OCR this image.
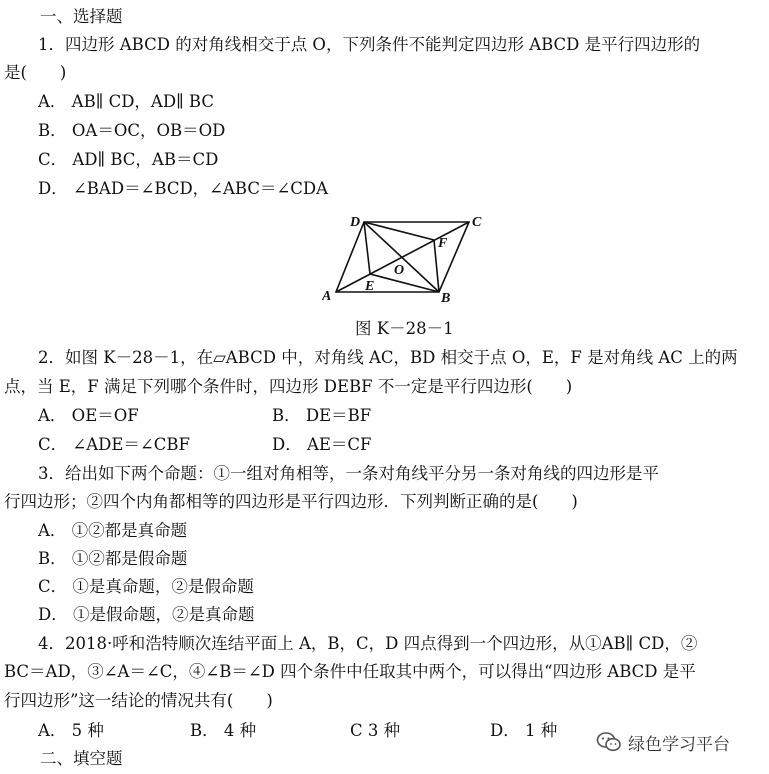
一、选择题
1．四边形 ABCD 的对角线相交于点 O，下列条件不能判定四边形 ABCD 是平行四边形的
是(　　)
A． AB∥ CD，AD∥ BC
B． OA＝OC，OB＝OD
C． AD∥ BC，AB＝CD
D． ∠BAD＝∠BCD，∠ABC＝∠CDA
A	B
C
D
E
F
O
图 K－28－1
2．如图 K－28－1，在▱ABCD 中，对角线 AC，BD 相交于点 O，E，F 是对角线 AC 上的两
点，当 E，F 满足下列哪个条件时，四边形 DEBF 不一定是平行四边形(　　)
A． OE＝OF	B． DE＝BF
C． ∠ADE＝∠CBF	D． AE＝CF
3．给出如下两个命题：①一组对角相等，一条对角线平分另一条对角线的四边形是平
行四边形；②四个内角都相等的四边形是平行四边形．下列判断正确的是(　　)
A． ①②都是真命题
B． ①②都是假命题
C． ①是真命题，②是假命题
D． ①是假命题，②是真命题
4．2018·呼和浩特顺次连结平面上 A，B，C，D 四点得到一个四边形，从①AB∥ CD，②
BC＝AD，③∠A＝∠C，④∠B＝∠D 四个条件中任取其中两个，可以得出“四边形 ABCD 是平
行四边形”这一结论的情况共有(　　)
A． 5 种	B． 4 种	C 3 种	D． 1 种
二、填空题
绿色学习平台
